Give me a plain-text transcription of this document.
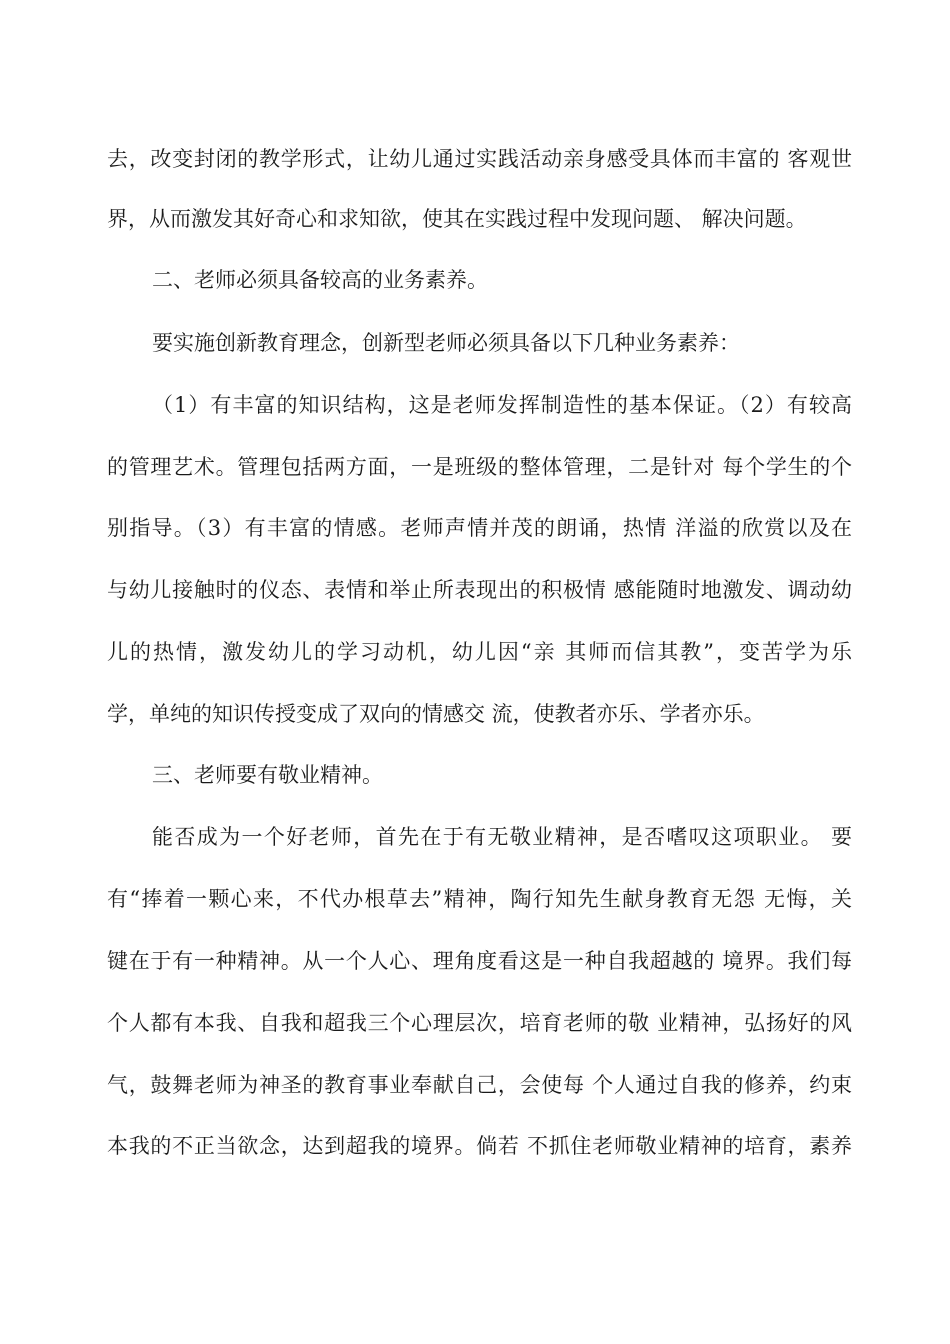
去，改变封闭的教学形式，让幼儿通过实践活动亲身感受具体而丰富的 客观世
界，从而激发其好奇心和求知欲，使其在实践过程中发现问题、 解决问题。
二、老师必须具备较高的业务素养。
要实施创新教育理念，创新型老师必须具备以下几种业务素养：
（1）有丰富的知识结构，这是老师发挥制造性的基本保证。（2）有较高
的管理艺术。管理包括两方面，一是班级的整体管理，二是针对 每个学生的个
别指导。（3）有丰富的情感。老师声情并茂的朗诵，热情 洋溢的欣赏以及在
与幼儿接触时的仪态、表情和举止所表现出的积极情 感能随时地激发、调动幼
儿的热情，激发幼儿的学习动机，幼儿因“亲 其师而信其教”，变苦学为乐
学，单纯的知识传授变成了双向的情感交 流，使教者亦乐、学者亦乐。
三、老师要有敬业精神。
能否成为一个好老师，首先在于有无敬业精神，是否嗜叹这项职业。 要
有“捧着一颗心来，不代办根草去”精神，陶行知先生献身教育无怨 无悔，关
键在于有一种精神。从一个人心、理角度看这是一种自我超越的 境界。我们每
个人都有本我、自我和超我三个心理层次，培育老师的敬 业精神，弘扬好的风
气，鼓舞老师为神圣的教育事业奉献自己，会使每 个人通过自我的修养，约束
本我的不正当欲念，达到超我的境界。倘若 不抓住老师敬业精神的培育，素养
